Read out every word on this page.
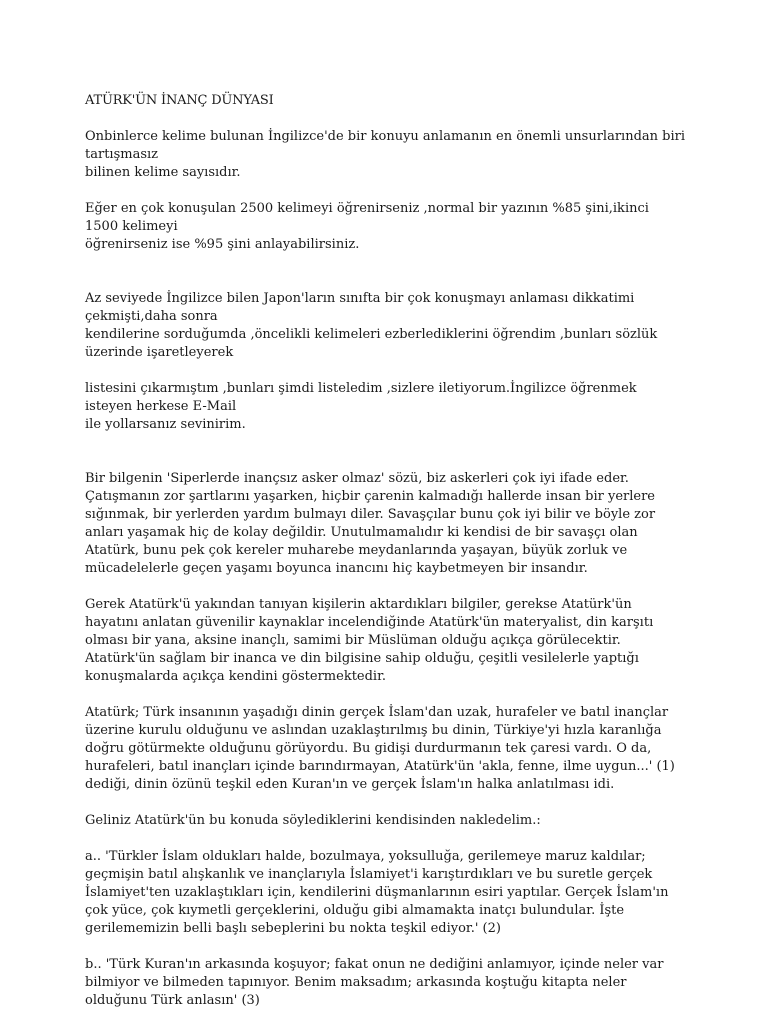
ATÜRK'ÜN İNANÇ DÜNYASI
Onbinlerce kelime bulunan İngilizce'de bir konuyu anlamanın en önemli unsurlarından biri tartışmasız
bilinen kelime sayısıdır.
Eğer en çok konuşulan 2500 kelimeyi öğrenirseniz ,normal bir yazının %85 şini,ikinci 1500 kelimeyi
öğrenirseniz ise %95 şini anlayabilirsiniz.
Az seviyede İngilizce bilen Japon'ların sınıfta bir çok konuşmayı anlaması dikkatimi çekmişti,daha sonra
kendilerine sorduğumda ,öncelikli kelimeleri ezberlediklerini öğrendim ,bunları sözlük üzerinde işaretleyerek
listesini çıkarmıştım ,bunları şimdi listeledim ,sizlere iletiyorum.İngilizce öğrenmek isteyen herkese E-Mail
ile yollarsanız sevinirim.
Bir bilgenin 'Siperlerde inançsız asker olmaz' sözü, biz askerleri çok iyi ifade eder. Çatışmanın zor şartlarını yaşarken, hiçbir çarenin kalmadığı hallerde insan bir yerlere sığınmak, bir yerlerden yardım bulmayı diler. Savaşçılar bunu çok iyi bilir ve böyle zor anları yaşamak hiç de kolay değildir. Unutulmamalıdır ki kendisi de bir savaşçı olan Atatürk, bunu pek çok kereler muharebe meydanlarında yaşayan, büyük zorluk ve mücadelelerle geçen yaşamı boyunca inancını hiç kaybetmeyen bir insandır.
Gerek Atatürk'ü yakından tanıyan kişilerin aktardıkları bilgiler, gerekse Atatürk'ün hayatını anlatan güvenilir kaynaklar incelendiğinde Atatürk'ün materyalist, din karşıtı olması bir yana, aksine inançlı, samimi bir Müslüman olduğu açıkça görülecektir. Atatürk'ün sağlam bir inanca ve din bilgisine sahip olduğu, çeşitli vesilelerle yaptığı konuşmalarda açıkça kendini göstermektedir.
Atatürk; Türk insanının yaşadığı dinin gerçek İslam'dan uzak, hurafeler ve batıl inançlar üzerine kurulu olduğunu ve aslından uzaklaştırılmış bu dinin, Türkiye'yi hızla karanlığa doğru götürmekte olduğunu görüyordu. Bu gidişi durdurmanın tek çaresi vardı. O da, hurafeleri, batıl inançları içinde barındırmayan, Atatürk'ün 'akla, fenne, ilme uygun...' (1) dediği, dinin özünü teşkil eden Kuran'ın ve gerçek İslam'ın halka anlatılması idi.
Geliniz Atatürk'ün bu konuda söylediklerini kendisinden nakledelim.:
a.. 'Türkler İslam oldukları halde, bozulmaya, yoksulluğa, gerilemeye maruz kaldılar; geçmişin batıl alışkanlık ve inançlarıyla İslamiyet'i karıştırdıkları ve bu suretle gerçek İslamiyet'ten uzaklaştıkları için, kendilerini düşmanlarının esiri yaptılar. Gerçek İslam'ın çok yüce, çok kıymetli gerçeklerini, olduğu gibi almamakta inatçı bulundular. İşte gerilememizin belli başlı sebeplerini bu nokta teşkil ediyor.' (2)
b.. 'Türk Kuran'ın arkasında koşuyor; fakat onun ne dediğini anlamıyor, içinde neler var bilmiyor ve bilmeden tapınıyor. Benim maksadım; arkasında koştuğu kitapta neler olduğunu Türk anlasın' (3)
